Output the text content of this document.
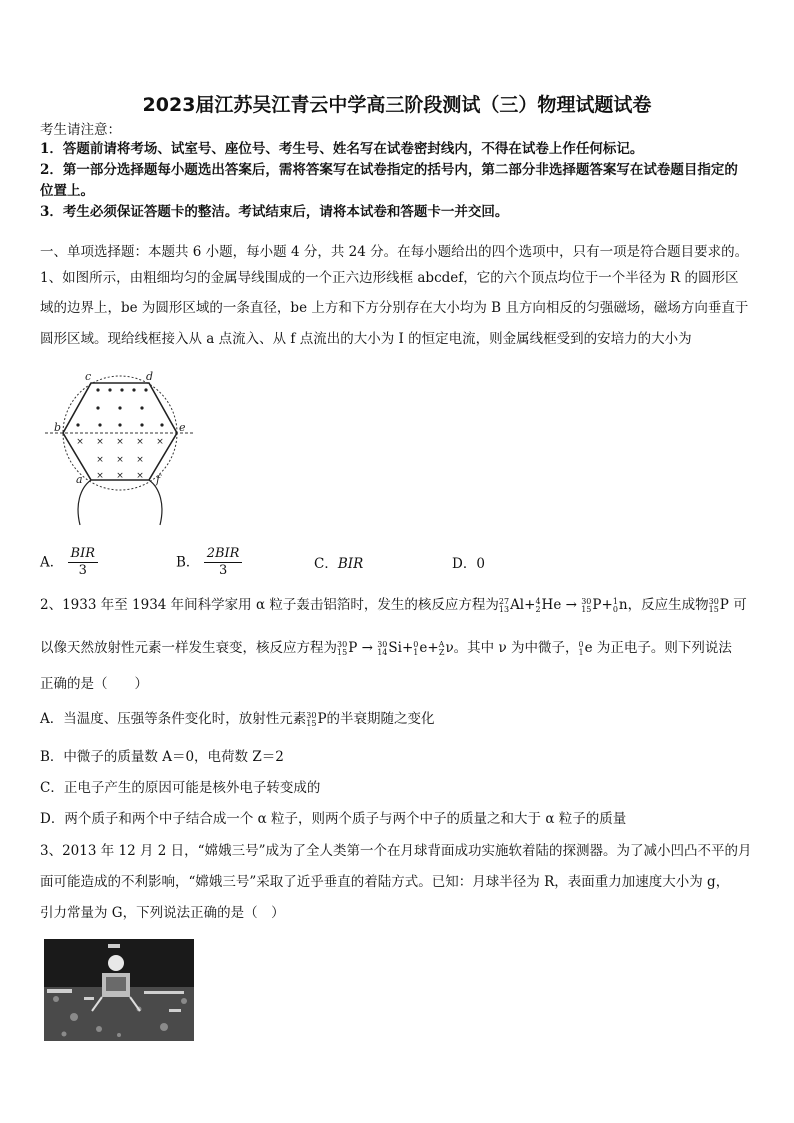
2023届江苏吴江青云中学高三阶段测试（三）物理试题试卷
考生请注意：
1．答题前请将考场、试室号、座位号、考生号、姓名写在试卷密封线内，不得在试卷上作任何标记。
2．第一部分选择题每小题选出答案后，需将答案写在试卷指定的括号内，第二部分非选择题答案写在试卷题目指定的
位置上。
3．考生必须保证答题卡的整洁。考试结束后，请将本试卷和答题卡一并交回。
一、单项选择题：本题共 6 小题，每小题 4 分，共 24 分。在每小题给出的四个选项中，只有一项是符合题目要求的。
1、如图所示，由粗细均匀的金属导线围成的一个正六边形线框 abcdef，它的六个顶点均位于一个半径为 R 的圆形区
域的边界上，be 为圆形区域的一条直径，be 上方和下方分别存在大小均为 B 且方向相反的匀强磁场，磁场方向垂直于
圆形区域。现给线框接入从 a 点流入、从 f 点流出的大小为 I 的恒定电流，则金属线框受到的安培力的大小为
× × × × ×
× × ×
× × ×
c	d
b	e
a	f
A． $\frac{\text{BIR}}{3}$	B． $\frac{\text{2BIR}}{3}$	C．BIR	D．0
2、1933 年至 1934 年间科学家用 α 粒子轰击铝箔时，发生的核反应方程为 27
13 Al+ 4
2 He → 30
15 P+ 1
0 n，反应生成物 30
15 P 可
以像天然放射性元素一样发生衰变，核反应方程为 30
15 P → 30
14 Si+ 0
1 e+ A
Z ν。其中 ν 为中微子， 0
1 e 为正电子。则下列说法
正确的是（　　）
A．当温度、压强等条件变化时，放射性元素 30
15 P的半衰期随之变化
B．中微子的质量数 A＝0，电荷数 Z＝2
C．正电子产生的原因可能是核外电子转变成的
D．两个质子和两个中子结合成一个 α 粒子，则两个质子与两个中子的质量之和大于 α 粒子的质量
3、2013 年 12 月 2 日，“嫦娥三号”成为了全人类第一个在月球背面成功实施软着陆的探测器。为了减小凹凸不平的月
面可能造成的不利影响，“嫦娥三号”采取了近乎垂直的着陆方式。已知：月球半径为 R，表面重力加速度大小为 g，
引力常量为 G，下列说法正确的是（　）
